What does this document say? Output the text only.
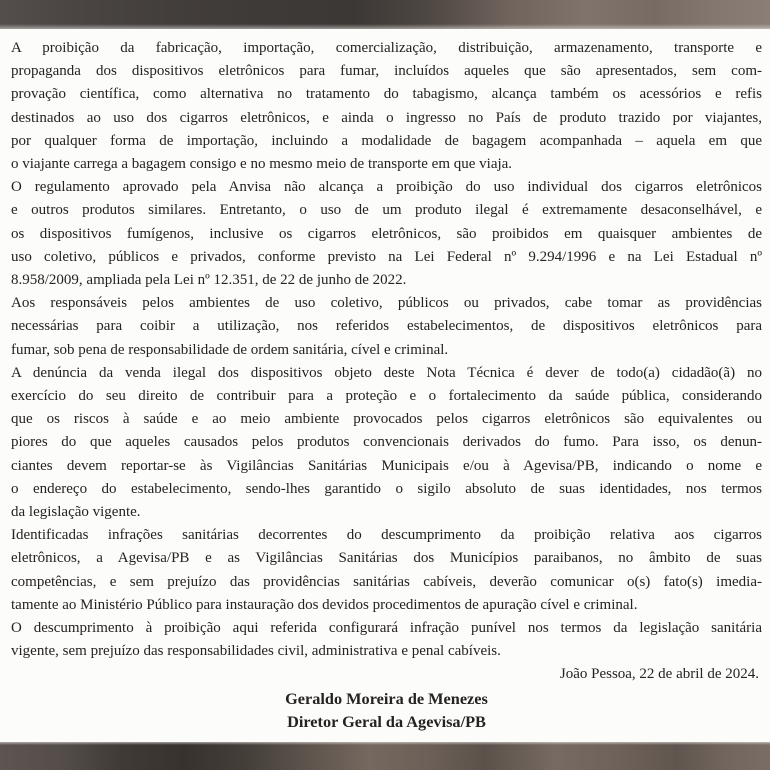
A proibição da fabricação, importação, comercialização, distribuição, armazenamento, transporte e
propaganda dos dispositivos eletrônicos para fumar, incluídos aqueles que são apresentados, sem com-
provação científica, como alternativa no tratamento do tabagismo, alcança também os acessórios e refis
destinados ao uso dos cigarros eletrônicos, e ainda o ingresso no País de produto trazido por viajantes,
por qualquer forma de importação, incluindo a modalidade de bagagem acompanhada – aquela em que
o viajante carrega a bagagem consigo e no mesmo meio de transporte em que viaja.
O regulamento aprovado pela Anvisa não alcança a proibição do uso individual dos cigarros eletrônicos
e outros produtos similares. Entretanto, o uso de um produto ilegal é extremamente desaconselhável, e
os dispositivos fumígenos, inclusive os cigarros eletrônicos, são proibidos em quaisquer ambientes de
uso coletivo, públicos e privados, conforme previsto na Lei Federal nº 9.294/1996 e na Lei Estadual nº
8.958/2009, ampliada pela Lei nº 12.351, de 22 de junho de 2022.
Aos responsáveis pelos ambientes de uso coletivo, públicos ou privados, cabe tomar as providências
necessárias para coibir a utilização, nos referidos estabelecimentos, de dispositivos eletrônicos para
fumar, sob pena de responsabilidade de ordem sanitária, cível e criminal.
A denúncia da venda ilegal dos dispositivos objeto deste Nota Técnica é dever de todo(a) cidadão(ã) no
exercício do seu direito de contribuir para a proteção e o fortalecimento da saúde pública, considerando
que os riscos à saúde e ao meio ambiente provocados pelos cigarros eletrônicos são equivalentes ou
piores do que aqueles causados pelos produtos convencionais derivados do fumo. Para isso, os denun-
ciantes devem reportar-se às Vigilâncias Sanitárias Municipais e/ou à Agevisa/PB, indicando o nome e
o endereço do estabelecimento, sendo-lhes garantido o sigilo absoluto de suas identidades, nos termos
da legislação vigente.
Identificadas infrações sanitárias decorrentes do descumprimento da proibição relativa aos cigarros
eletrônicos, a Agevisa/PB e as Vigilâncias Sanitárias dos Municípios paraibanos, no âmbito de suas
competências, e sem prejuízo das providências sanitárias cabíveis, deverão comunicar o(s) fato(s) imedia-
tamente ao Ministério Público para instauração dos devidos procedimentos de apuração cível e criminal.
O descumprimento à proibição aqui referida configurará infração punível nos termos da legislação sanitária
vigente, sem prejuízo das responsabilidades civil, administrativa e penal cabíveis.
João Pessoa, 22 de abril de 2024.
Geraldo Moreira de Menezes
Diretor Geral da Agevisa/PB
